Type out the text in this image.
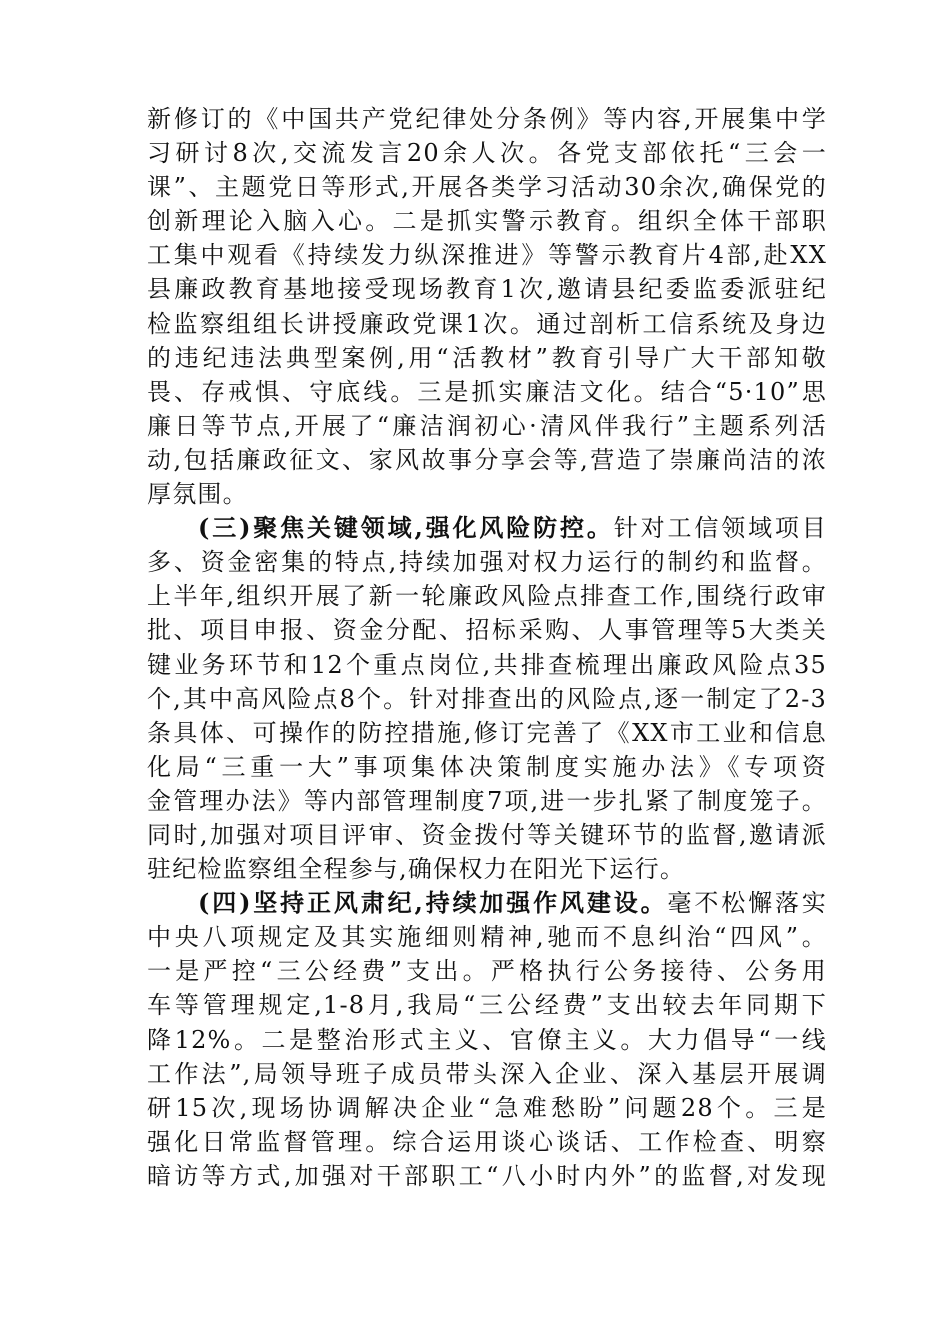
新修订的《中国共产党纪律处分条例》等内容,开展集中学
习研讨8次,交流发言20余人次。各党支部依托“三会一
课”、主题党日等形式,开展各类学习活动30余次,确保党的
创新理论入脑入心。二是抓实警示教育。组织全体干部职
工集中观看《持续发力纵深推进》等警示教育片4部,赴XX
县廉政教育基地接受现场教育1次,邀请县纪委监委派驻纪
检监察组组长讲授廉政党课1次。通过剖析工信系统及身边
的违纪违法典型案例,用“活教材”教育引导广大干部知敬
畏、存戒惧、守底线。三是抓实廉洁文化。结合“5·10”思
廉日等节点,开展了“廉洁润初心·清风伴我行”主题系列活
动,包括廉政征文、家风故事分享会等,营造了崇廉尚洁的浓
厚氛围。
(三)聚焦关键领域,强化风险防控。针对工信领域项目
多、资金密集的特点,持续加强对权力运行的制约和监督。
上半年,组织开展了新一轮廉政风险点排查工作,围绕行政审
批、项目申报、资金分配、招标采购、人事管理等5大类关
键业务环节和12个重点岗位,共排查梳理出廉政风险点35
个,其中高风险点8个。针对排查出的风险点,逐一制定了2-3
条具体、可操作的防控措施,修订完善了《XX市工业和信息
化局“三重一大”事项集体决策制度实施办法》《专项资
金管理办法》等内部管理制度7项,进一步扎紧了制度笼子。
同时,加强对项目评审、资金拨付等关键环节的监督,邀请派
驻纪检监察组全程参与,确保权力在阳光下运行。
(四)坚持正风肃纪,持续加强作风建设。毫不松懈落实
中央八项规定及其实施细则精神,驰而不息纠治“四风”。
一是严控“三公经费”支出。严格执行公务接待、公务用
车等管理规定,1-8月,我局“三公经费”支出较去年同期下
降12%。二是整治形式主义、官僚主义。大力倡导“一线
工作法”,局领导班子成员带头深入企业、深入基层开展调
研15次,现场协调解决企业“急难愁盼”问题28个。三是
强化日常监督管理。综合运用谈心谈话、工作检查、明察
暗访等方式,加强对干部职工“八小时内外”的监督,对发现
